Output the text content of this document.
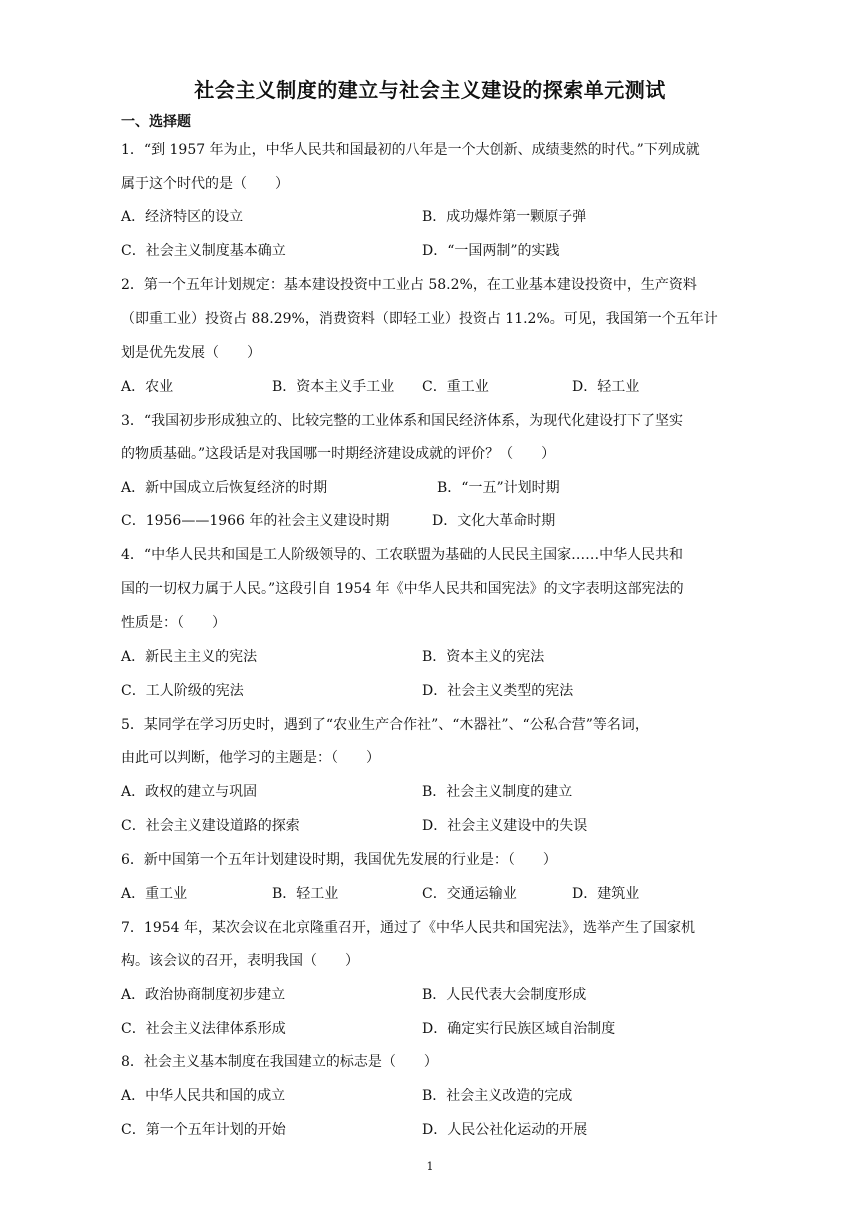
社会主义制度的建立与社会主义建设的探索单元测试
一、选择题
1．“到 1957 年为止，中华人民共和国最初的八年是一个大创新、成绩斐然的时代。”下列成就
属于这个时代的是（　　）
A．经济特区的设立	B．成功爆炸第一颗原子弹
C．社会主义制度基本确立	D．“一国两制”的实践
2．第一个五年计划规定：基本建设投资中工业占 58.2%，在工业基本建设投资中，生产资料
（即重工业）投资占 88.29%，消费资料（即轻工业）投资占 11.2%。可见，我国第一个五年计
划是优先发展（　　）
A．农业	B．资本主义手工业 C．重工业	D．轻工业
3．“我国初步形成独立的、比较完整的工业体系和国民经济体系，为现代化建设打下了坚实
的物质基础。”这段话是对我国哪一时期经济建设成就的评价？（　　）
A．新中国成立后恢复经济的时期	B．“一五”计划时期
C．1956——1966 年的社会主义建设时期	D．文化大革命时期
4．“中华人民共和国是工人阶级领导的、工农联盟为基础的人民民主国家……中华人民共和
国的一切权力属于人民。”这段引自 1954 年《中华人民共和国宪法》的文字表明这部宪法的
性质是：（　　）
A．新民主主义的宪法	B．资本主义的宪法
C．工人阶级的宪法	D．社会主义类型的宪法
5．某同学在学习历史时，遇到了“农业生产合作社”、“木器社”、“公私合营”等名词，
由此可以判断，他学习的主题是：（　　）
A．政权的建立与巩固	B．社会主义制度的建立
C．社会主义建设道路的探索	D．社会主义建设中的失误
6．新中国第一个五年计划建设时期，我国优先发展的行业是：（　　）
A．重工业	B．轻工业	C．交通运输业	D．建筑业
7．1954 年，某次会议在北京隆重召开，通过了《中华人民共和国宪法》，选举产生了国家机
构。该会议的召开，表明我国（　　）
A．政治协商制度初步建立	B．人民代表大会制度形成
C．社会主义法律体系形成	D．确定实行民族区域自治制度
8．社会主义基本制度在我国建立的标志是（　　）
A．中华人民共和国的成立	B．社会主义改造的完成
C．第一个五年计划的开始	D．人民公社化运动的开展
1
